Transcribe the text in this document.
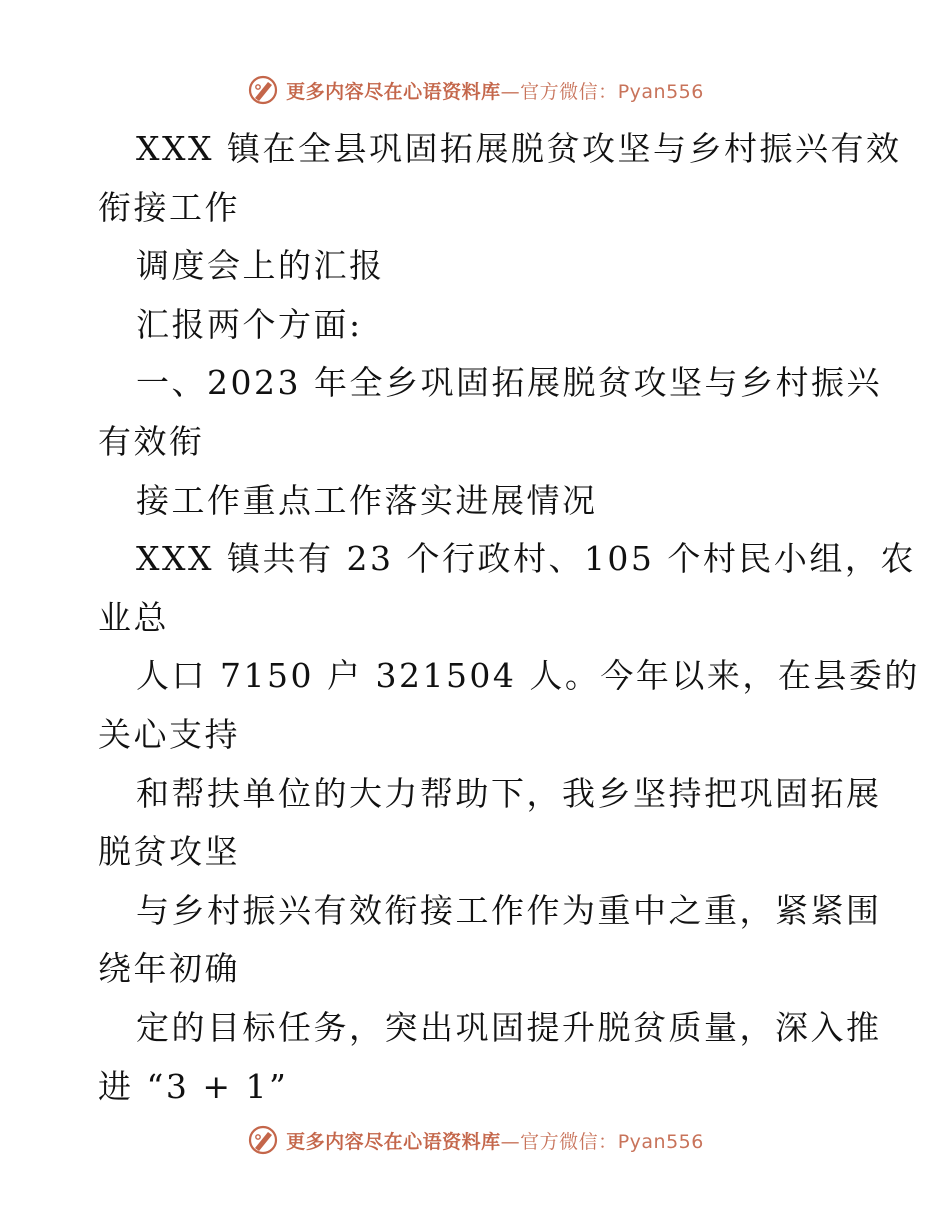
更多内容尽在心语资料库—官方微信：Pyan556
XXX 镇在全县巩固拓展脱贫攻坚与乡村振兴有效
衔接工作
调度会上的汇报
汇报两个方面:
一、2023 年全乡巩固拓展脱贫攻坚与乡村振兴
有效衔
接工作重点工作落实进展情况
XXX 镇共有 23 个行政村、105 个村民小组，农
业总
人口 7150 户 321504 人。今年以来，在县委的
关心支持
和帮扶单位的大力帮助下，我乡坚持把巩固拓展
脱贫攻坚
与乡村振兴有效衔接工作作为重中之重，紧紧围
绕年初确
定的目标任务，突出巩固提升脱贫质量，深入推
进 “3 + 1”
更多内容尽在心语资料库—官方微信：Pyan556
